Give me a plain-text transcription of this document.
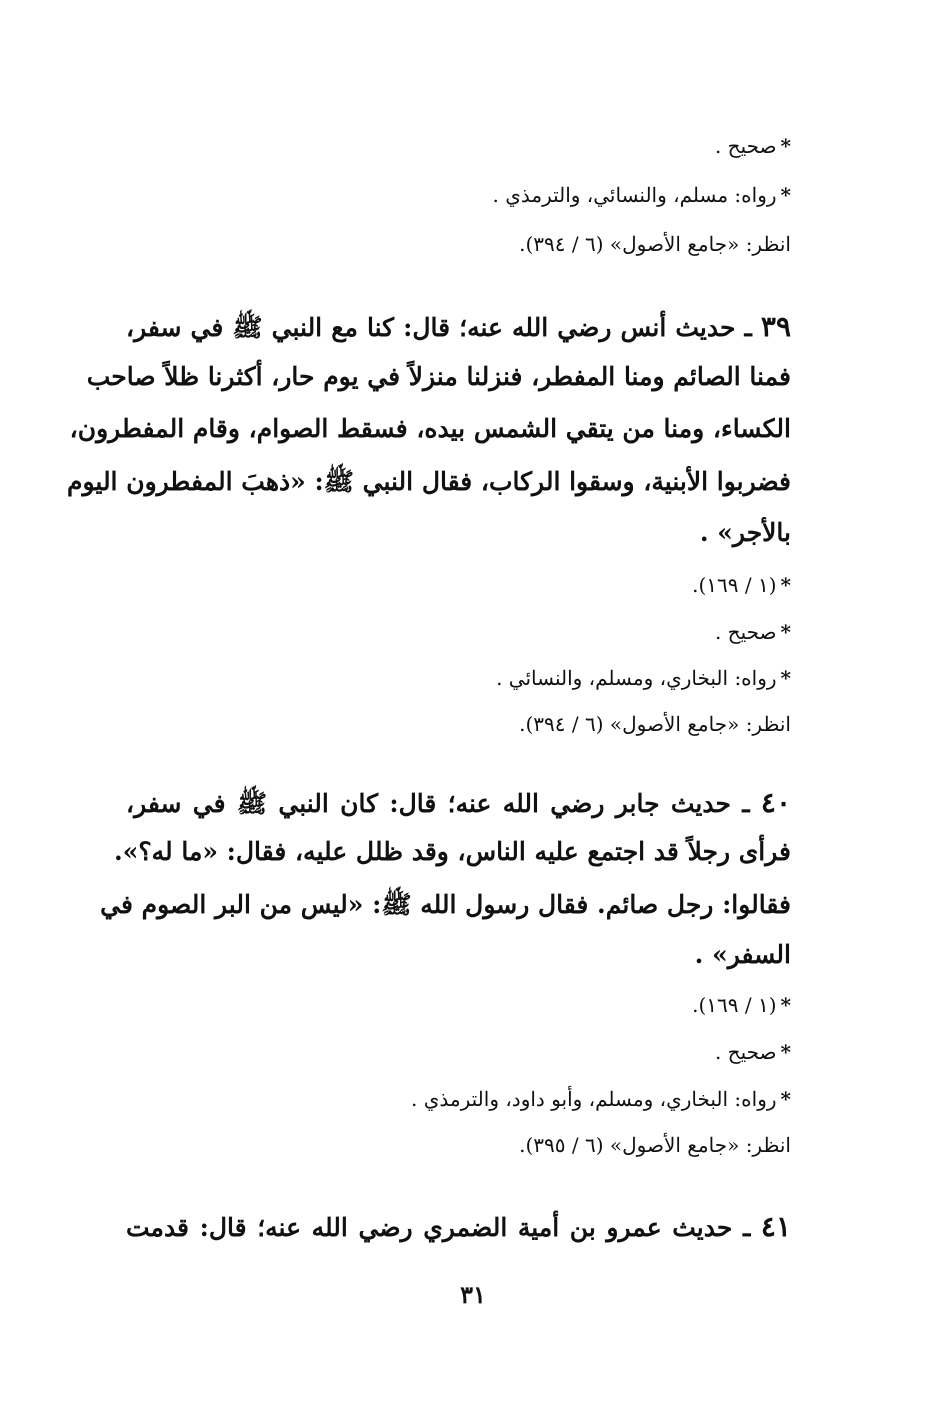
*صحيح .
*رواه: مسلم، والنسائي، والترمذي .
انظر: «جامع الأصول» (٦ / ٣٩٤).
٣٩ ـ حديث أنس رضي الله عنه؛ قال: كنا مع النبي ﷺ في سفر،
فمنا الصائم ومنا المفطر، فنزلنا منزلاً في يوم حار، أكثرنا ظلاً صاحب
الكساء، ومنا من يتقي الشمس بيده، فسقط الصوام، وقام المفطرون،
فضربوا الأبنية، وسقوا الركاب، فقال النبي ﷺ: «ذهبَ المفطرون اليوم
بالأجر» .
*(١ / ١٦٩).
*صحيح .
*رواه: البخاري، ومسلم، والنسائي .
انظر: «جامع الأصول» (٦ / ٣٩٤).
٤٠ ـ حديث جابر رضي الله عنه؛ قال: كان النبي ﷺ في سفر،
فرأى رجلاً قد اجتمع عليه الناس، وقد ظلل عليه، فقال: «ما له؟».
فقالوا: رجل صائم. فقال رسول الله ﷺ: «ليس من البر الصوم في
السفر» .
*(١ / ١٦٩).
*صحيح .
*رواه: البخاري، ومسلم، وأبو داود، والترمذي .
انظر: «جامع الأصول» (٦ / ٣٩٥).
٤١ ـ حديث عمرو بن أمية الضمري رضي الله عنه؛ قال: قدمت
٣١
